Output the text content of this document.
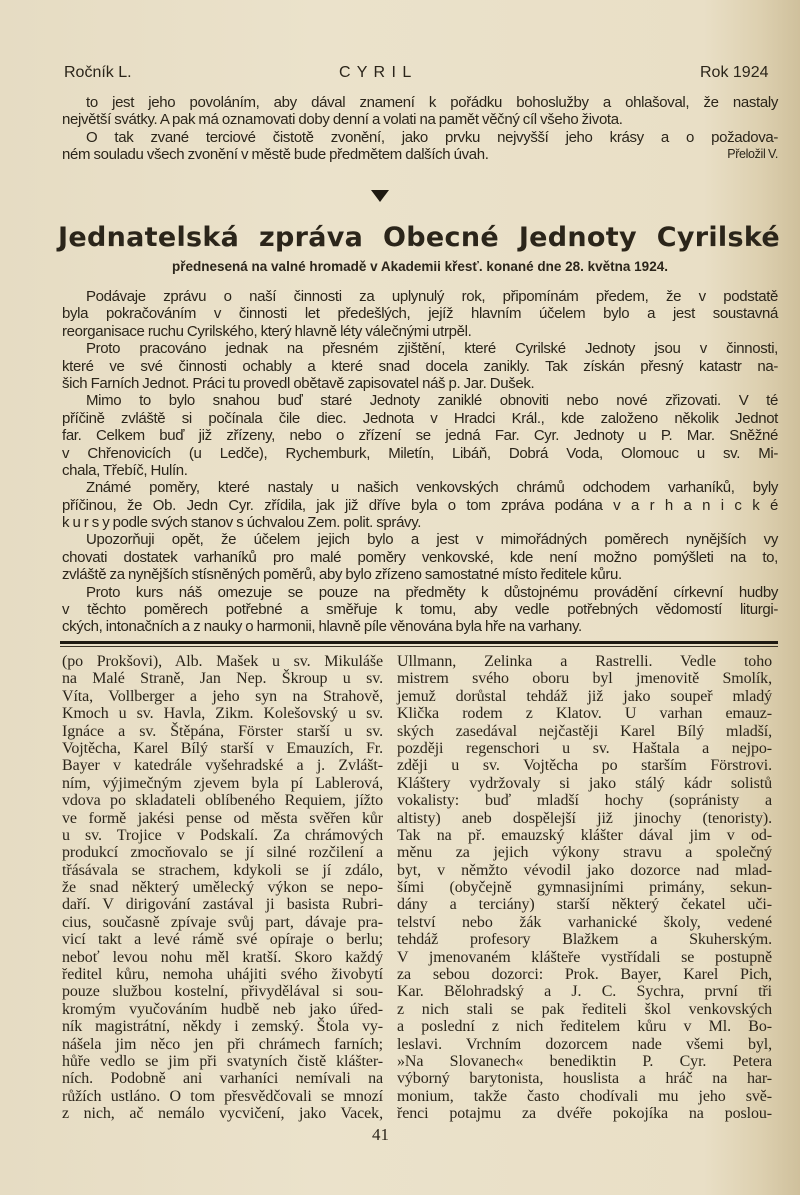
Ročník L.	C Y R I L	Rok 1924
to jest jeho povoláním, aby dával znamení k pořádku bohoslužby a ohlašoval, že nastaly
největší svátky. A pak má oznamovati doby denní a volati na pamět věčný cíl všeho života.
O tak zvané terciové čistotě zvonění, jako prvku nejvyšší jeho krásy a o požadova-
ném souladu všech zvonění v městě bude předmětem dalších úvah.	Přeložil V.
Jednatelská zpráva Obecné Jednoty Cyrilské
přednesená na valné hromadě v Akademii křesť. konané dne 28. května 1924.
Podávaje zprávu o naší činnosti za uplynulý rok, připomínám předem, že v podstatě
byla pokračováním v činnosti let předešlých, jejíž hlavním účelem bylo a jest soustavná
reorganisace ruchu Cyrilského, který hlavně léty válečnými utrpěl.
Proto pracováno jednak na přesném zjištění, které Cyrilské Jednoty jsou v činnosti,
které ve své činnosti ochably a které snad docela zanikly. Tak získán přesný katastr na-
šich Farních Jednot. Práci tu provedl obětavě zapisovatel náš p. Jar. Dušek.
Mimo to bylo snahou buď staré Jednoty zaniklé obnoviti nebo nové zřizovati. V té
příčině zvláště si počínala čile diec. Jednota v Hradci Král., kde založeno několik Jednot
far. Celkem buď již zřízeny, nebo o zřízení se jedná Far. Cyr. Jednoty u P. Mar. Sněžné
v Chřenovicích (u Ledče), Rychemburk, Miletín, Libáň, Dobrá Voda, Olomouc u sv. Mi-
chala, Třebíč, Hulín.
Známé poměry, které nastaly u našich venkovských chrámů odchodem varhaníků, byly
příčinou, že Ob. Jedn Cyr. zřídila, jak již dříve byla o tom zpráva podána v a r h a n i c k é
k u r s y podle svých stanov s úchvalou Zem. polit. správy.
Upozorňuji opět, že účelem jejich bylo a jest v mimořádných poměrech nynějších vy
chovati dostatek varhaníků pro malé poměry venkovské, kde není možno pomýšleti na to,
zvláště za nynějších stísněných poměrů, aby bylo zřízeno samostatné místo ředitele kůru.
Proto kurs náš omezuje se pouze na předměty k důstojnému provádění církevní hudby
v těchto poměrech potřebné a směřuje k tomu, aby vedle potřebných vědomostí liturgi-
ckých, intonačních a z nauky o harmonii, hlavně píle věnována byla hře na varhany.
(po Prokšovi), Alb. Mašek u sv. Mikuláše
na Malé Straně, Jan Nep. Škroup u sv.
Víta, Vollberger a jeho syn na Strahově,
Kmoch u sv. Havla, Zikm. Kolešovský u sv.
Ignáce a sv. Štěpána, Förster starší u sv.
Vojtěcha, Karel Bílý starší v Emauzích, Fr.
Bayer v katedrále vyšehradské a j. Zvlášt-
ním, výjimečným zjevem byla pí Lablerová,
vdova po skladateli oblíbeného Requiem, jížto
ve formě jakési pense od města svěřen kůr
u sv. Trojice v Podskalí. Za chrámových
produkcí zmocňovalo se jí silné rozčilení a
třásávala se strachem, kdykoli se jí zdálo,
že snad některý umělecký výkon se nepo-
daří. V dirigování zastával ji basista Rubri-
cius, současně zpívaje svůj part, dávaje pra-
vicí takt a levé rámě své opíraje o berlu;
neboť levou nohu měl kratší. Skoro každý
ředitel kůru, nemoha uhájiti svého živobytí
pouze službou kostelní, přivydělával si sou-
kromým vyučováním hudbě neb jako úřed-
ník magistrátní, někdy i zemský. Štola vy-
nášela jim něco jen při chrámech farních;
hůře vedlo se jim při svatyních čistě klášter-
ních. Podobně ani varhaníci nemívali na
růžích ustláno. O tom přesvědčovali se mnozí
z nich, ač nemálo vycvičení, jako Vacek,
Ullmann, Zelinka a Rastrelli. Vedle toho
mistrem svého oboru byl jmenovitě Smolík,
jemuž dorůstal tehdáž již jako soupeř mladý
Klička rodem z Klatov. U varhan emauz-
ských zasedával nejčastěji Karel Bílý mladší,
později regenschori u sv. Haštala a nejpo-
zději u sv. Vojtěcha po starším Förstrovi.
Kláštery vydržovaly si jako stálý kádr solistů
vokalisty: buď mladší hochy (sopránisty a
altisty) aneb dospělejší již jinochy (tenoristy).
Tak na př. emauzský klášter dával jim v od-
měnu za jejich výkony stravu a společný
byt, v němžto vévodil jako dozorce nad mlad-
šími (obyčejně gymnasijními primány, sekun-
dány a terciány) starší některý čekatel uči-
telství nebo žák varhanické školy, vedené
tehdáž profesory Blažkem a Skuherským.
V jmenovaném klášteře vystřídali se postupně
za sebou dozorci: Prok. Bayer, Karel Pich,
Kar. Bělohradský a J. C. Sychra, první tři
z nich stali se pak řediteli škol venkovských
a poslední z nich ředitelem kůru v Ml. Bo-
leslavi. Vrchním dozorcem nade všemi byl,
»Na Slovanech« benediktin P. Cyr. Petera
výborný barytonista, houslista a hráč na har-
monium, takže často chodívali mu jeho svě-
řenci potajmu za dvéře pokojíka na poslou-
41
